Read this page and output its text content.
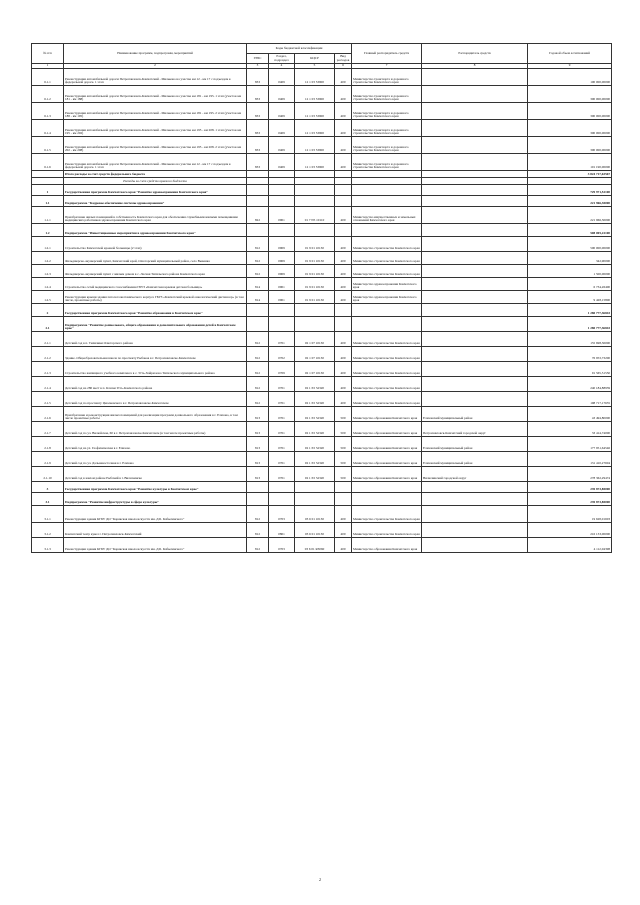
№ п/п	Наименование программ, подпрограмм, мероприятий	Коды бюджетной классификации				Главный распорядитель средств	Распорядитель средств	Годовой объем ассигнований
		ГРБС	Раздел, подраздел	КЦСР	Вид расходов			
1	2	3	4	5	6	7	8	9
6.1.1	Реконструкция автомобильной дороги Петропавловск-Камчатский - Мильково на участке км 12 - км 17 с подъездом к федеральной дороге. 1 этап	833	0409	12 1 03 53900	400	Министерство транспорта и дорожного строительства Камчатского края		100 000,00000
6.1.2	Реконструкция автомобильной дороги Петропавловск-Камчатский - Мильково на участке км 181 - км 195. 1 этап (участок км 181 - км 188)	833	0409	12 1 03 53900	400	Министерство транспорта и дорожного строительства Камчатского края		300 000,00000
6.1.3	Реконструкция автомобильной дороги Петропавловск-Камчатский - Мильково на участке км 181 - км 195. 2 этап (участок км 188 - км 195)	833	0409	12 1 03 53900	400	Министерство транспорта и дорожного строительства Камчатского края		300 000,00000
6.1.4	Реконструкция автомобильной дороги Петропавловск-Камчатский - Мильково на участке км 195 - км 208. 1 этап (участок км 195 - км 202)	833	0409	12 1 03 53900	400	Министерство транспорта и дорожного строительства Камчатского края		300 000,00000
6.1.5	Реконструкция автомобильной дороги Петропавловск-Камчатский - Мильково на участке км 195 - км 208. 2 этап (участок км 202 - км 208)	833	0409	12 1 03 53900	400	Министерство транспорта и дорожного строительства Камчатского края		300 000,00000
6.1.6	Реконструкция автомобильной дороги Петропавловск-Камчатский - Мильково на участке км 12 - км 17 с подъездом к федеральной дороге. 1 этап	833	0409	12 1 03 53900	400	Министерство транспорта и дорожного строительства Камчатского края		101 190,00000
	Итого расходы за счет средств федерального бюджета							3 824 717,63567
	Расходы за счет средств краевого бюджета							
1	Государственная программа Камчатского края "Развитие здравоохранения Камчатского края"							729 971,52100
1.1	Подпрограмма "Кадровое обеспечение системы здравоохранения"							221 966,30000
1.1.1	Приобретение жилых помещений в собственность Камчатского края для обеспечения служебными жилыми помещениями медицинских работников здравоохранения Камчатского края	822	0901	01 7 N5 10110	400	Министерство имущественных и земельных отношений Камчатского края		221 966,30000
1.2	Подпрограмма "Инвестиционные мероприятия в здравоохранении Камчатского края"							508 005,22100
1.2.1	Строительство Камчатской краевой больницы (2 этап)	812	0909	01 9 01 10130	400	Министерство строительства Камчатского края		500 000,00000
1.2.2	Фельдшерско-акушерский пункт, Камчатский край, Олюторский муниципальный район, село Вывенка	812	0909	01 9 01 10130	400	Министерство строительства Камчатского края		342,90000
1.2.3	Фельдшерско-акушерский пункт с жилым домом в с. Лесная Тигильского района Камчатского края	812	0909	01 9 01 10130	400	Министерство строительства Камчатского края		1 500,00000
1.2.4	Строительство сетей медицинского газоснабжения ГБУЗ «Камчатская краевая детская больница»	814	0901	01 9 01 10130	400	Министерство здравоохранения Камчатского края		6 734,26400
1.2.5	Реконструкция крыши здания патологоанатомического корпуса ГБУЗ «Камчатский краевой онкологический диспансер» (в том числе, проектные работы)	814	0901	01 9 01 10130	400	Министерство здравоохранения Камчатского края		9 428,15800
2	Государственная программа Камчатского края "Развитие образования в Камчатском крае"							1 280 777,36843
2.1	Подпрограмма "Развитие дошкольного, общего образования и дополнительного образования детей в Камчатском крае"							1 280 777,36843
2.1.1	Детский сад в п. Тиличики Олюторского района	812	0701	02 1 07 10130	400	Министерство строительства Камчатского края		155 698,30000
2.1.2	Здание. Общеобразовательная школа по проспекту Рыбаков в г. Петропавловске-Камчатском	812	0702	02 1 07 10130	400	Министерство строительства Камчатского края		76 953,73200
2.1.3	Строительство жилищного учебного комплекса в с. Усть-Хайрюзово Тигильского муниципального района	812	0709	02 1 07 10130	400	Министерство строительства Камчатского края		91 565,51550
2.1.4	Детский сад на 280 мест в п. Ключи Усть-Камчатского района	812	0701	02 1 P2 52320	400	Министерство строительства Камчатского края		240 184,88939
2.1.5	Детский сад по проспекту Циолковского в г. Петропавловске-Камчатском	812	0701	02 1 P2 52320	400	Министерство строительства Камчатского края		198 717,17635
2.1.6	Приобретение и реконструкция жилых помещений для реализации программ дошкольного образования в г. Елизово, в том числе проектные работы	813	0701	02 1 P2 52320	500	Министерство образования Камчатского края	Елизовский муниципальный район	43 494,80000
2.1.7	Детский сад по ул. Вилюйская, 60 в г. Петропавловске-Камчатском (в том числе проектные работы)	813	0701	02 1 P2 52320	500	Министерство образования Камчатского края	Петропавловск-Камчатский городской округ	33 414,74000
2.1.8	Детский сад на ул. Геофизическая в г. Елизово	813	0701	02 1 P2 52320	500	Министерство образования Камчатского края	Елизовский муниципальный район	177 951,64546
2.1.9	Детский сад по ул. Дальневосточная в г. Елизово	813	0701	02 1 P2 52320	500	Министерство образования Камчатского края	Елизовский муниципальный район	131 410,27604
2.1.10	Детский сад в жилом районе Рыбачий в г. Вилючинске	813	0701	02 1 P2 52320	500	Министерство образования Камчатского края	Вилючинский городской округ	278 362,29474
3	Государственная программа Камчатского края "Развитие культуры в Камчатском крае"							239 873,80000
3.1	Подпрограмма "Развитие инфраструктуры в сфере культуры"							239 873,80000
3.1.1	Реконструкция здания КГБУ ДО "Корякская школа искусств им. Д.Б. Кабылинского"	812	0703	03 6 01 10130	400	Министерство строительства Камчатского края		19 628,01603
3.1.2	Камчатский театр кукол г. Петропавловск-Камчатский	812	0801	03 6 01 10130	400	Министерство строительства Камчатского края		216 133,00000
3.1.3	Реконструкция здания КГБУ ДО "Корякская школа искусств им. Д.Б. Кабылинского"	812	0703	03 6 01 R3060	400	Министерство образования Камчатского края		4 112,04398
2
